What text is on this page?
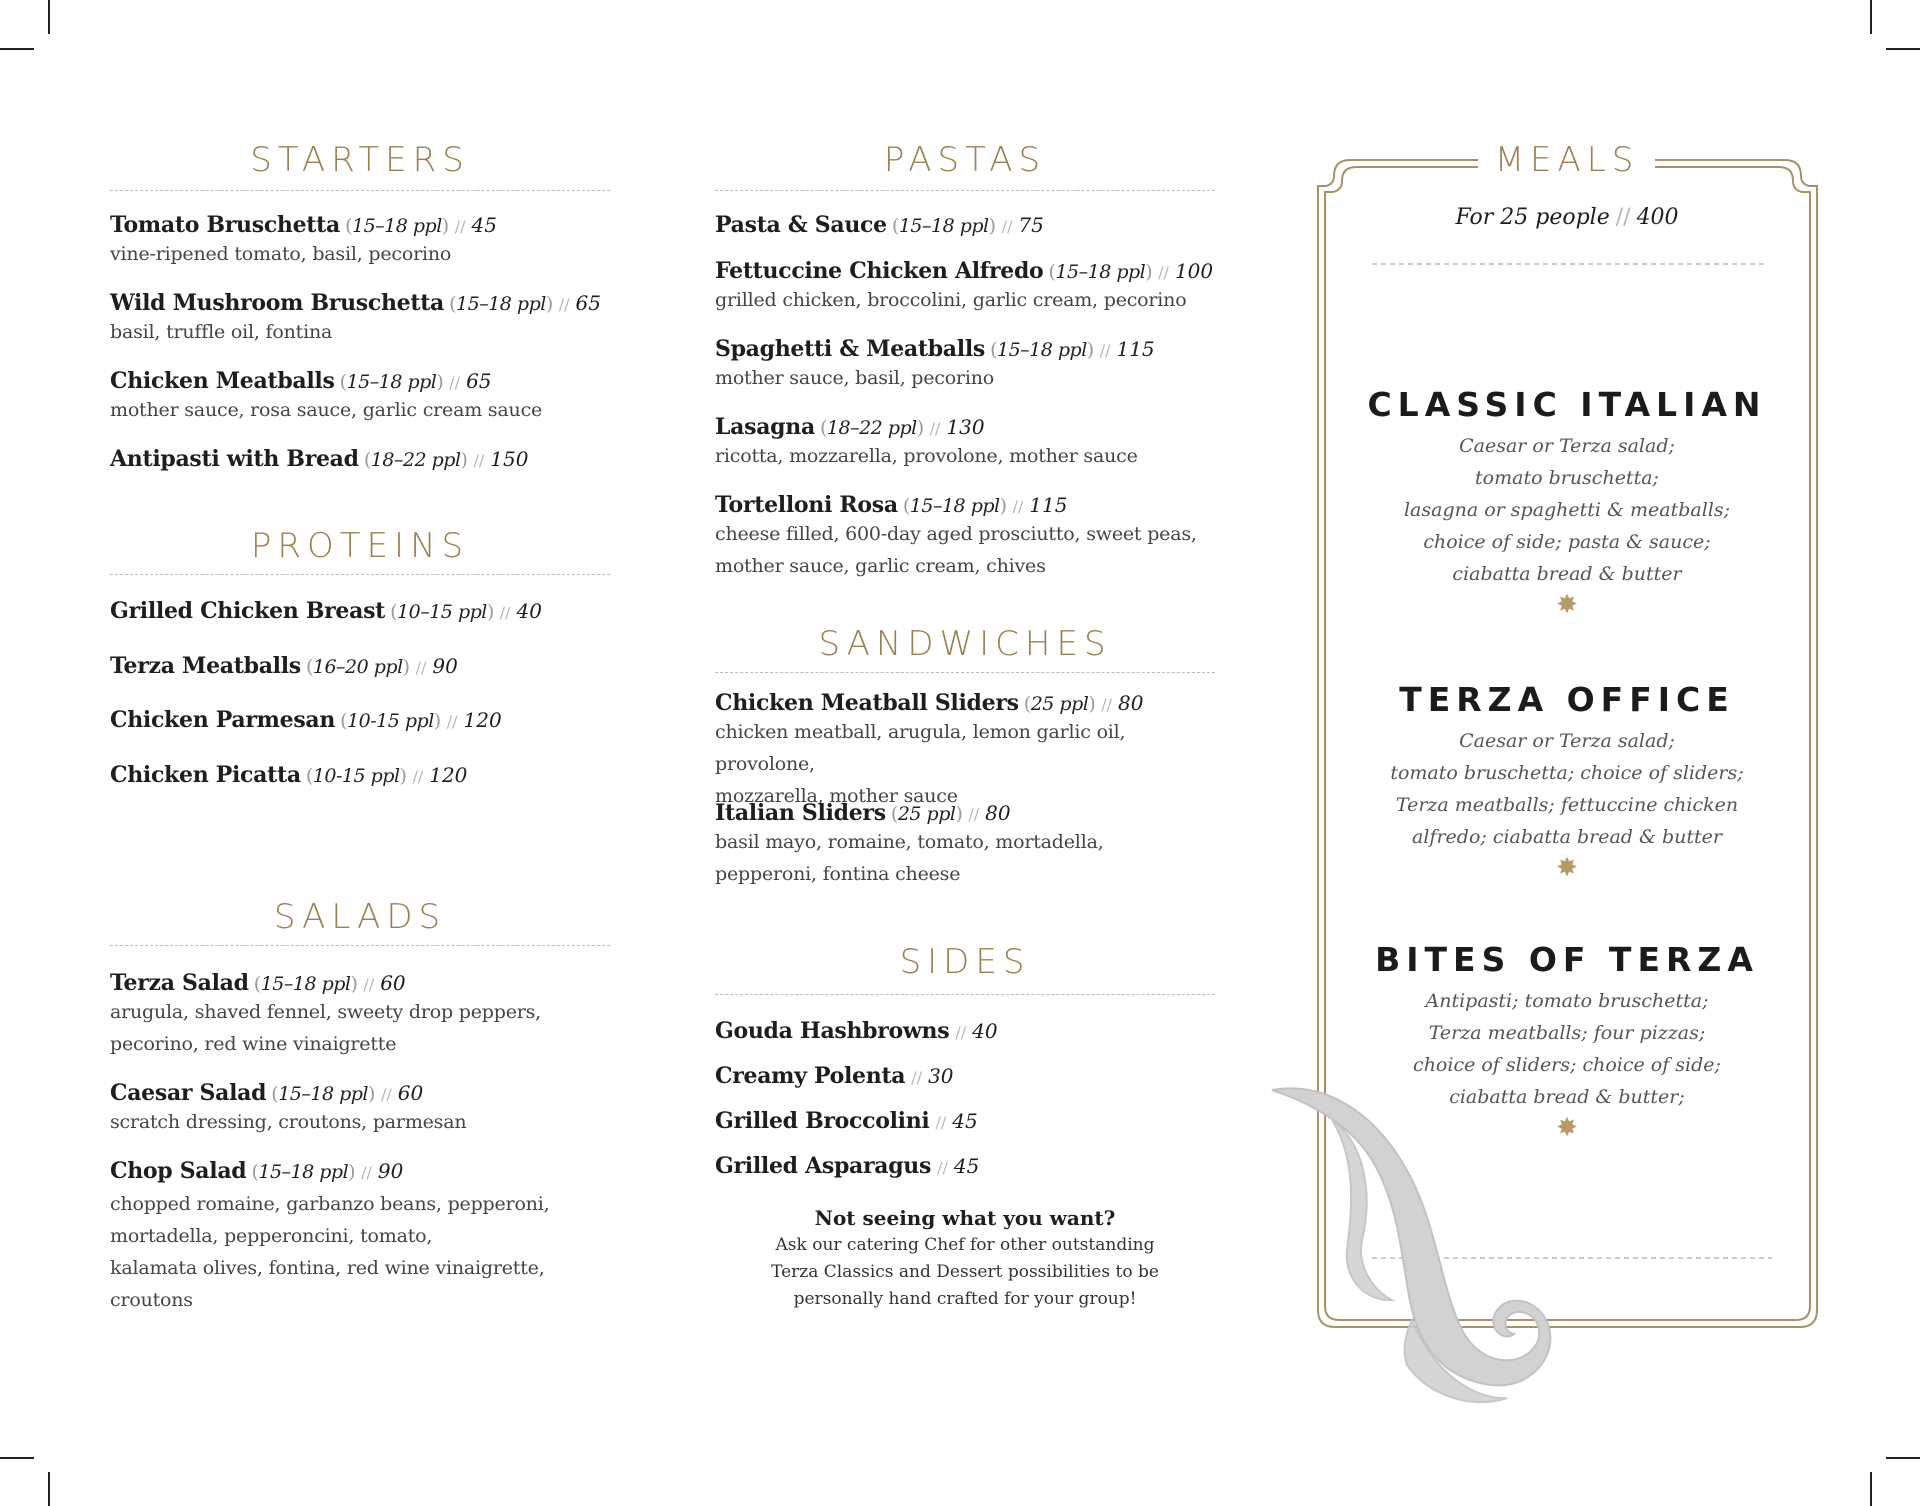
STARTERS
Tomato Bruschetta (15–18 ppl) // 45
vine-ripened tomato, basil, pecorino
Wild Mushroom Bruschetta (15–18 ppl) // 65
basil, truffle oil, fontina
Chicken Meatballs (15–18 ppl) // 65
mother sauce, rosa sauce, garlic cream sauce
Antipasti with Bread (18–22 ppl) // 150
PROTEINS
Grilled Chicken Breast (10–15 ppl) // 40
Terza Meatballs (16–20 ppl) // 90
Chicken Parmesan (10-15 ppl) // 120
Chicken Picatta (10-15 ppl) // 120
SALADS
Terza Salad (15–18 ppl) // 60
arugula, shaved fennel, sweety drop peppers,
pecorino, red wine vinaigrette
Caesar Salad (15–18 ppl) // 60
scratch dressing, croutons, parmesan
Chop Salad (15–18 ppl) // 90
chopped romaine, garbanzo beans, pepperoni,
mortadella, pepperoncini, tomato,
kalamata olives, fontina, red wine vinaigrette,
croutons
PASTAS
Pasta & Sauce (15–18 ppl) // 75
Fettuccine Chicken Alfredo (15–18 ppl) // 100
grilled chicken, broccolini, garlic cream, pecorino
Spaghetti & Meatballs (15–18 ppl) // 115
mother sauce, basil, pecorino
Lasagna (18–22 ppl) // 130
ricotta, mozzarella, provolone, mother sauce
Tortelloni Rosa (15–18 ppl) // 115
cheese filled, 600-day aged prosciutto, sweet peas,
mother sauce, garlic cream, chives
SANDWICHES
Chicken Meatball Sliders (25 ppl) // 80
chicken meatball, arugula, lemon garlic oil, provolone,
mozzarella, mother sauce
Italian Sliders (25 ppl) // 80
basil mayo, romaine, tomato, mortadella,
pepperoni, fontina cheese
SIDES
Gouda Hashbrowns // 40
Creamy Polenta // 30
Grilled Broccolini // 45
Grilled Asparagus // 45
Not seeing what you want?
Ask our catering Chef for other outstanding
Terza Classics and Dessert possibilities to be
personally hand crafted for your group!
MEALS
For 25 people // 400
CLASSIC ITALIAN
Caesar or Terza salad;
tomato bruschetta;
lasagna or spaghetti & meatballs;
choice of side; pasta & sauce;
ciabatta bread & butter
✸
TERZA OFFICE
Caesar or Terza salad;
tomato bruschetta; choice of sliders;
Terza meatballs; fettuccine chicken
alfredo; ciabatta bread & butter
✸
BITES OF TERZA
Antipasti; tomato bruschetta;
Terza meatballs; four pizzas;
choice of sliders; choice of side;
ciabatta bread & butter;
✸
